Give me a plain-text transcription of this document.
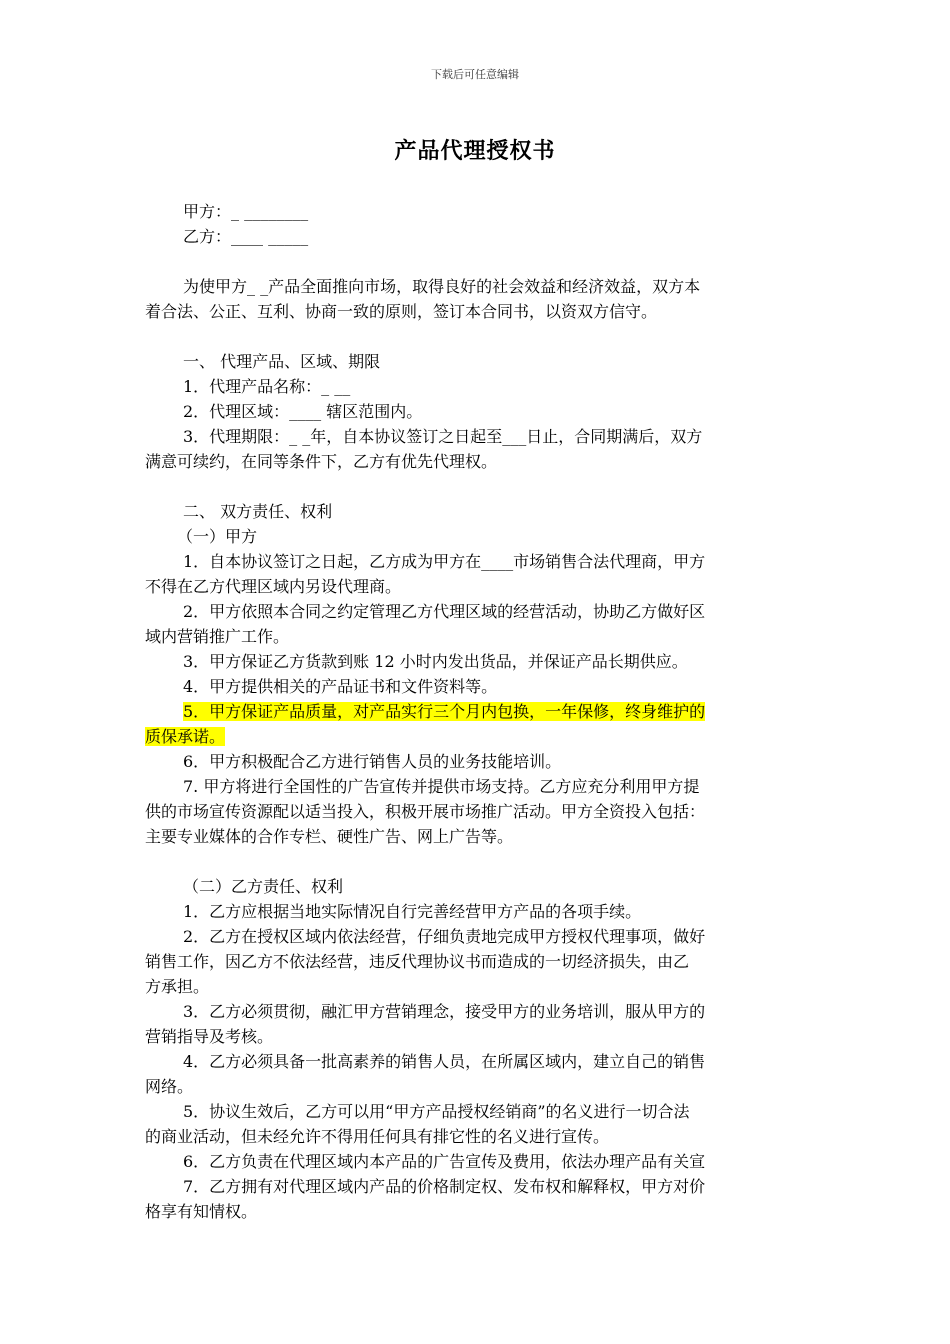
下载后可任意编辑
产品代理授权书
甲方：_ ________
乙方：____ _____
为使甲方_ _产品全面推向市场，取得良好的社会效益和经济效益，双方本
着合法、公正、互利、协商一致的原则，签订本合同书，以资双方信守。
一、 代理产品、区域、期限
1．代理产品名称：_ __
2．代理区域：____ 辖区范围内。
3．代理期限：_ _年，自本协议签订之日起至___日止，合同期满后，双方
满意可续约，在同等条件下，乙方有优先代理权。
二、 双方责任、权利
（一）甲方
1．自本协议签订之日起，乙方成为甲方在____市场销售合法代理商，甲方
不得在乙方代理区域内另设代理商。
2．甲方依照本合同之约定管理乙方代理区域的经营活动，协助乙方做好区
域内营销推广工作。
3．甲方保证乙方货款到账 12 小时内发出货品，并保证产品长期供应。
4．甲方提供相关的产品证书和文件资料等。
5．甲方保证产品质量，对产品实行三个月内包换，一年保修，终身维护的
质保承诺。
6．甲方积极配合乙方进行销售人员的业务技能培训。
7. 甲方将进行全国性的广告宣传并提供市场支持。乙方应充分利用甲方提
供的市场宣传资源配以适当投入，积极开展市场推广活动。甲方全资投入包括：
主要专业媒体的合作专栏、硬性广告、网上广告等。
（二）乙方责任、权利
1．乙方应根据当地实际情况自行完善经营甲方产品的各项手续。
2．乙方在授权区域内依法经营，仔细负责地完成甲方授权代理事项，做好
销售工作，因乙方不依法经营，违反代理协议书而造成的一切经济损失，由乙
方承担。
3．乙方必须贯彻，融汇甲方营销理念，接受甲方的业务培训，服从甲方的
营销指导及考核。
4．乙方必须具备一批高素养的销售人员，在所属区域内，建立自己的销售
网络。
5．协议生效后，乙方可以用“甲方产品授权经销商”的名义进行一切合法
的商业活动，但未经允许不得用任何具有排它性的名义进行宣传。
6．乙方负责在代理区域内本产品的广告宣传及费用，依法办理产品有关宣
7．乙方拥有对代理区域内产品的价格制定权、发布权和解释权，甲方对价
格享有知情权。
